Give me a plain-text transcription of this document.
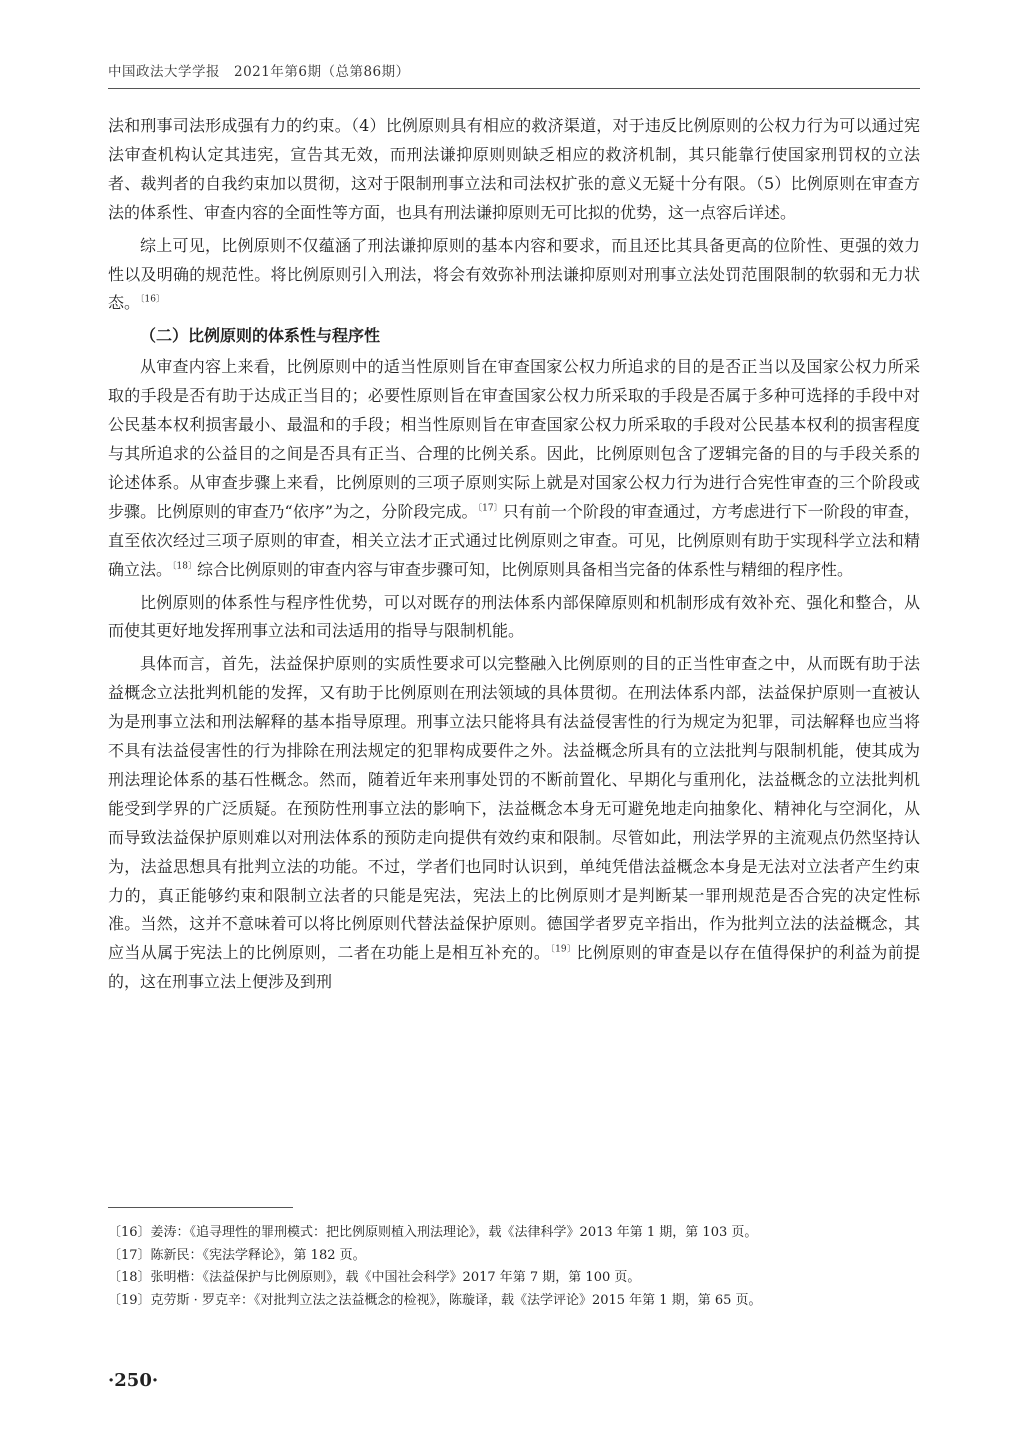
中国政法大学学报　2021年第6期（总第86期）

法和刑事司法形成强有力的约束。（4）比例原则具有相应的救济渠道，对于违反比例原则的公权力行为可以通过宪法审查机构认定其违宪，宣告其无效，而刑法谦抑原则则缺乏相应的救济机制，其只能靠行使国家刑罚权的立法者、裁判者的自我约束加以贯彻，这对于限制刑事立法和司法权扩张的意义无疑十分有限。（5）比例原则在审查方法的体系性、审查内容的全面性等方面，也具有刑法谦抑原则无可比拟的优势，这一点容后详述。

综上可见，比例原则不仅蕴涵了刑法谦抑原则的基本内容和要求，而且还比其具备更高的位阶性、更强的效力性以及明确的规范性。将比例原则引入刑法，将会有效弥补刑法谦抑原则对刑事立法处罚范围限制的软弱和无力状态。$^{〔16〕}$

（二）比例原则的体系性与程序性

从审查内容上来看，比例原则中的适当性原则旨在审查国家公权力所追求的目的是否正当以及国家公权力所采取的手段是否有助于达成正当目的；必要性原则旨在审查国家公权力所采取的手段是否属于多种可选择的手段中对公民基本权利损害最小、最温和的手段；相当性原则旨在审查国家公权力所采取的手段对公民基本权利的损害程度与其所追求的公益目的之间是否具有正当、合理的比例关系。因此，比例原则包含了逻辑完备的目的与手段关系的论述体系。从审查步骤上来看，比例原则的三项子原则实际上就是对国家公权力行为进行合宪性审查的三个阶段或步骤。比例原则的审查乃“依序”为之，分阶段完成。$^{〔17〕}$只有前一个阶段的审查通过，方考虑进行下一阶段的审查，直至依次经过三项子原则的审查，相关立法才正式通过比例原则之审查。可见，比例原则有助于实现科学立法和精确立法。$^{〔18〕}$综合比例原则的审查内容与审查步骤可知，比例原则具备相当完备的体系性与精细的程序性。

比例原则的体系性与程序性优势，可以对既存的刑法体系内部保障原则和机制形成有效补充、强化和整合，从而使其更好地发挥刑事立法和司法适用的指导与限制机能。

具体而言，首先，法益保护原则的实质性要求可以完整融入比例原则的目的正当性审查之中，从而既有助于法益概念立法批判机能的发挥，又有助于比例原则在刑法领域的具体贯彻。在刑法体系内部，法益保护原则一直被认为是刑事立法和刑法解释的基本指导原理。刑事立法只能将具有法益侵害性的行为规定为犯罪，司法解释也应当将不具有法益侵害性的行为排除在刑法规定的犯罪构成要件之外。法益概念所具有的立法批判与限制机能，使其成为刑法理论体系的基石性概念。然而，随着近年来刑事处罚的不断前置化、早期化与重刑化，法益概念的立法批判机能受到学界的广泛质疑。在预防性刑事立法的影响下，法益概念本身无可避免地走向抽象化、精神化与空洞化，从而导致法益保护原则难以对刑法体系的预防走向提供有效约束和限制。尽管如此，刑法学界的主流观点仍然坚持认为，法益思想具有批判立法的功能。不过，学者们也同时认识到，单纯凭借法益概念本身是无法对立法者产生约束力的，真正能够约束和限制立法者的只能是宪法，宪法上的比例原则才是判断某一罪刑规范是否合宪的决定性标准。当然，这并不意味着可以将比例原则代替法益保护原则。德国学者罗克辛指出，作为批判立法的法益概念，其应当从属于宪法上的比例原则，二者在功能上是相互补充的。$^{〔19〕}$比例原则的审查是以存在值得保护的利益为前提的，这在刑事立法上便涉及到刑

〔16〕姜涛：《追寻理性的罪刑模式：把比例原则植入刑法理论》，载《法律科学》2013 年第 1 期，第 103 页。
〔17〕陈新民：《宪法学释论》，第 182 页。
〔18〕张明楷：《法益保护与比例原则》，载《中国社会科学》2017 年第 7 期，第 100 页。
〔19〕克劳斯 · 罗克辛：《对批判立法之法益概念的检视》，陈璇译，载《法学评论》2015 年第 1 期，第 65 页。
·250·
